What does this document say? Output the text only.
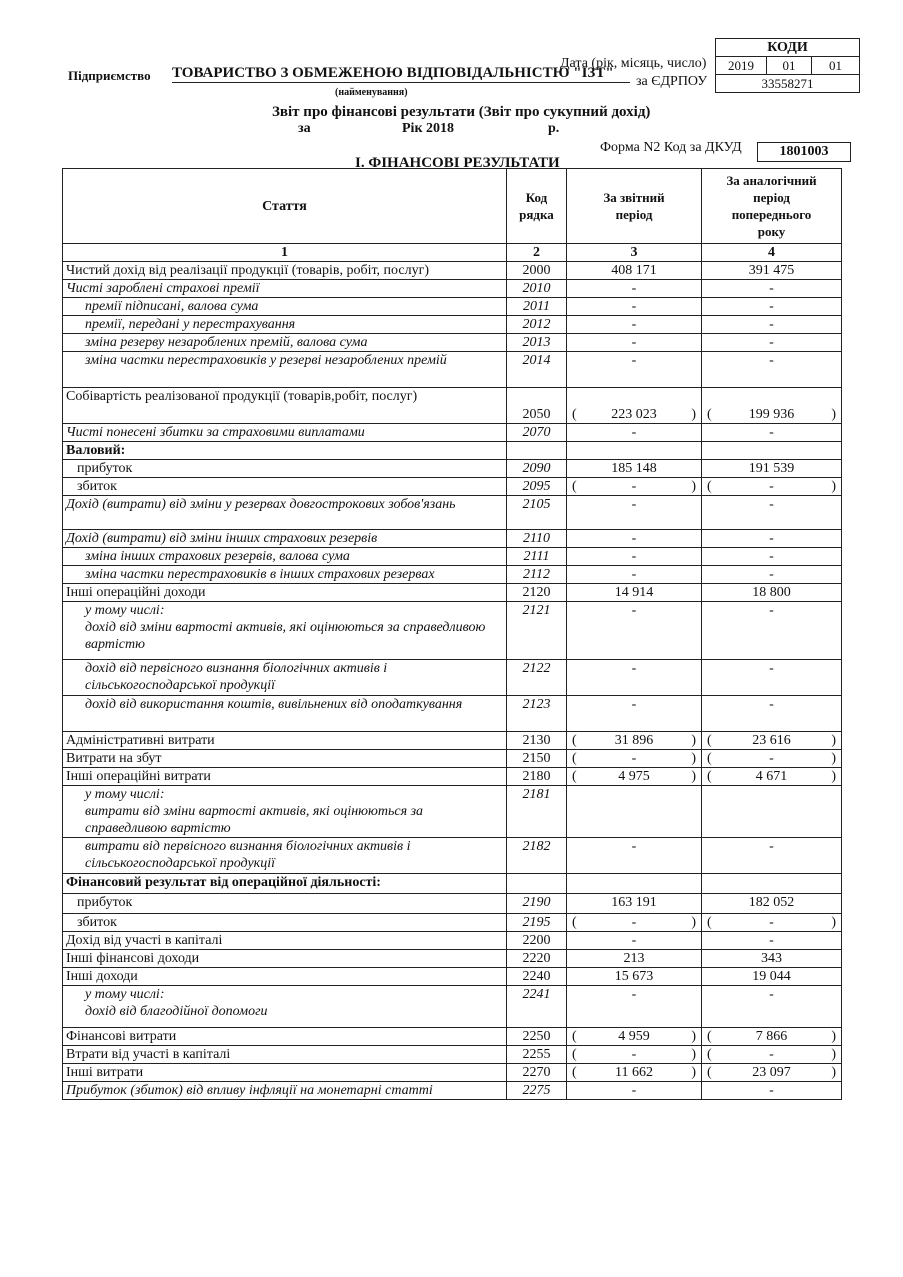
КОДИ
2019	01	01
33558271
Дата (рік, місяць, число)
Підприємство ТОВАРИСТВО З ОБМЕЖЕНОЮ ВІДПОВІДАЛЬНІСТЮ "ІЗТ"
(найменування)
за ЄДРПОУ
Звіт про фінансові результати (Звіт про сукупний дохід)
за	Рік 2018	р.
Форма N2 Код за ДКУД	1801003
І. ФІНАНСОВІ РЕЗУЛЬТАТИ
Стаття	Код рядка	За звітний період	За аналогічний період попереднього року
1	2	3	4

Чистий дохід від реалізації продукції (товарів, робіт, послуг)	2000	408 171	391 475

Чисті зароблені страхові премії	2010	-	-

премії підписані, валова сума	2011	-	-

премії, передані у перестрахування	2012	-	-

зміна резерву незароблених премій, валова сума	2013	-	-

зміна частки перестраховиків у резерві незароблених премій	2014	-	-

Собівартість реалізованої продукції (товарів,робіт, послуг)	2050	( 223 023 )	( 199 936 )

Чисті понесені збитки за страховими виплатами	2070	-	-

Валовий:			

прибуток	2090	185 148	191 539

збиток	2095	( - )	( - )

Дохід (витрати) від зміни у резервах довгострокових зобов'язань	2105	-	-

Дохід (витрати) від зміни інших страхових резервів	2110	-	-

зміна інших страхових резервів, валова сума	2111	-	-

зміна частки перестраховиків в інших страхових резервах	2112	-	-

Інші операційні доходи	2120	14 914	18 800

у тому числі:
дохід від зміни вартості активів, які оцінюються за справедливою вартістю	2121	-	-

дохід від первісного визнання біологічних активів і сільськогосподарської продукції	2122	-	-

дохід від використання коштів, вивільнених від оподаткування	2123	-	-

Адміністративні витрати	2130	( 31 896 )	( 23 616 )

Витрати на збут	2150	( - )	( - )

Інші операційні витрати	2180	( 4 975 )	( 4 671 )

у тому числі:
витрати від зміни вартості активів, які оцінюються за справедливою вартістю	2181		

витрати від первісного визнання біологічних активів і сільськогосподарської продукції	2182	-	-

Фінансовий результат від операційної діяльності:			

прибуток	2190	163 191	182 052

збиток	2195	( - )	( - )

Дохід від участі в капіталі	2200	-	-

Інші фінансові доходи	2220	213	343

Інші доходи	2240	15 673	19 044

у тому числі:
дохід від благодійної допомоги	2241	-	-

Фінансові витрати	2250	( 4 959 )	( 7 866 )

Втрати від участі в капіталі	2255	( - )	( - )

Інші витрати	2270	( 11 662 )	( 23 097 )

Прибуток (збиток) від впливу інфляції на монетарні статті	2275	-	-
